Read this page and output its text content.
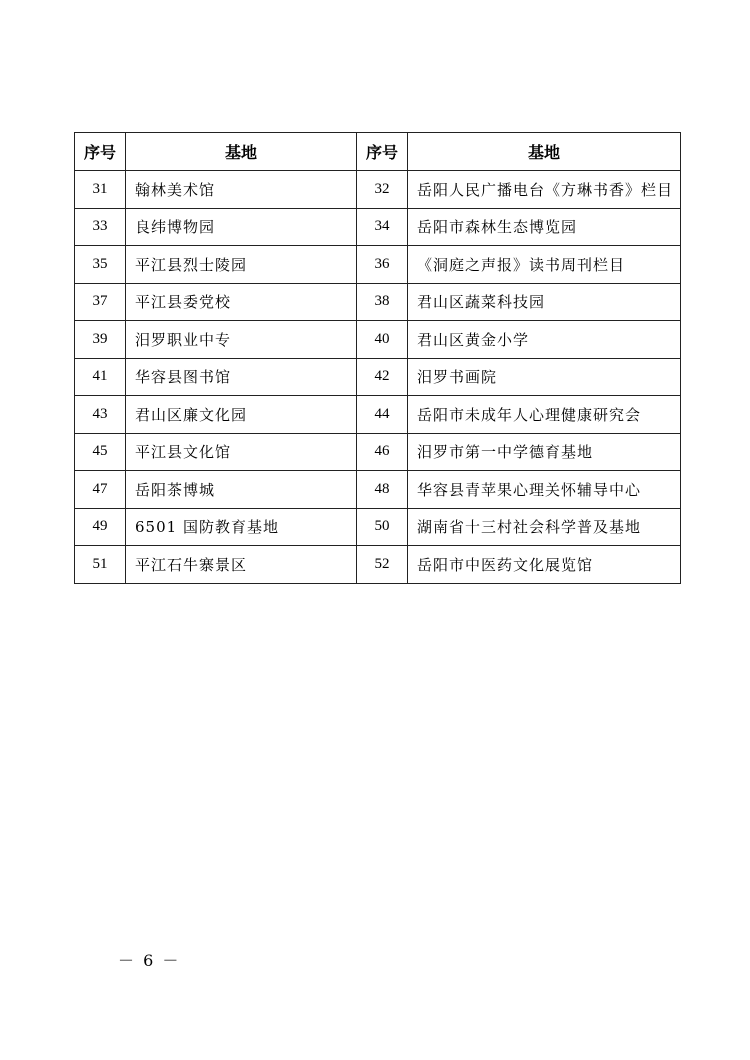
序号	基地	序号	基地
31	翰林美术馆	32	岳阳人民广播电台《方琳书香》栏目
33	良纬博物园	34	岳阳市森林生态博览园
35	平江县烈士陵园	36	《洞庭之声报》读书周刊栏目
37	平江县委党校	38	君山区蔬菜科技园
39	汨罗职业中专	40	君山区黄金小学
41	华容县图书馆	42	汨罗书画院
43	君山区廉文化园	44	岳阳市未成年人心理健康研究会
45	平江县文化馆	46	汨罗市第一中学德育基地
47	岳阳茶博城	48	华容县青苹果心理关怀辅导中心
49	6501 国防教育基地	50	湖南省十三村社会科学普及基地
51	平江石牛寨景区	52	岳阳市中医药文化展览馆
－ 6 －
